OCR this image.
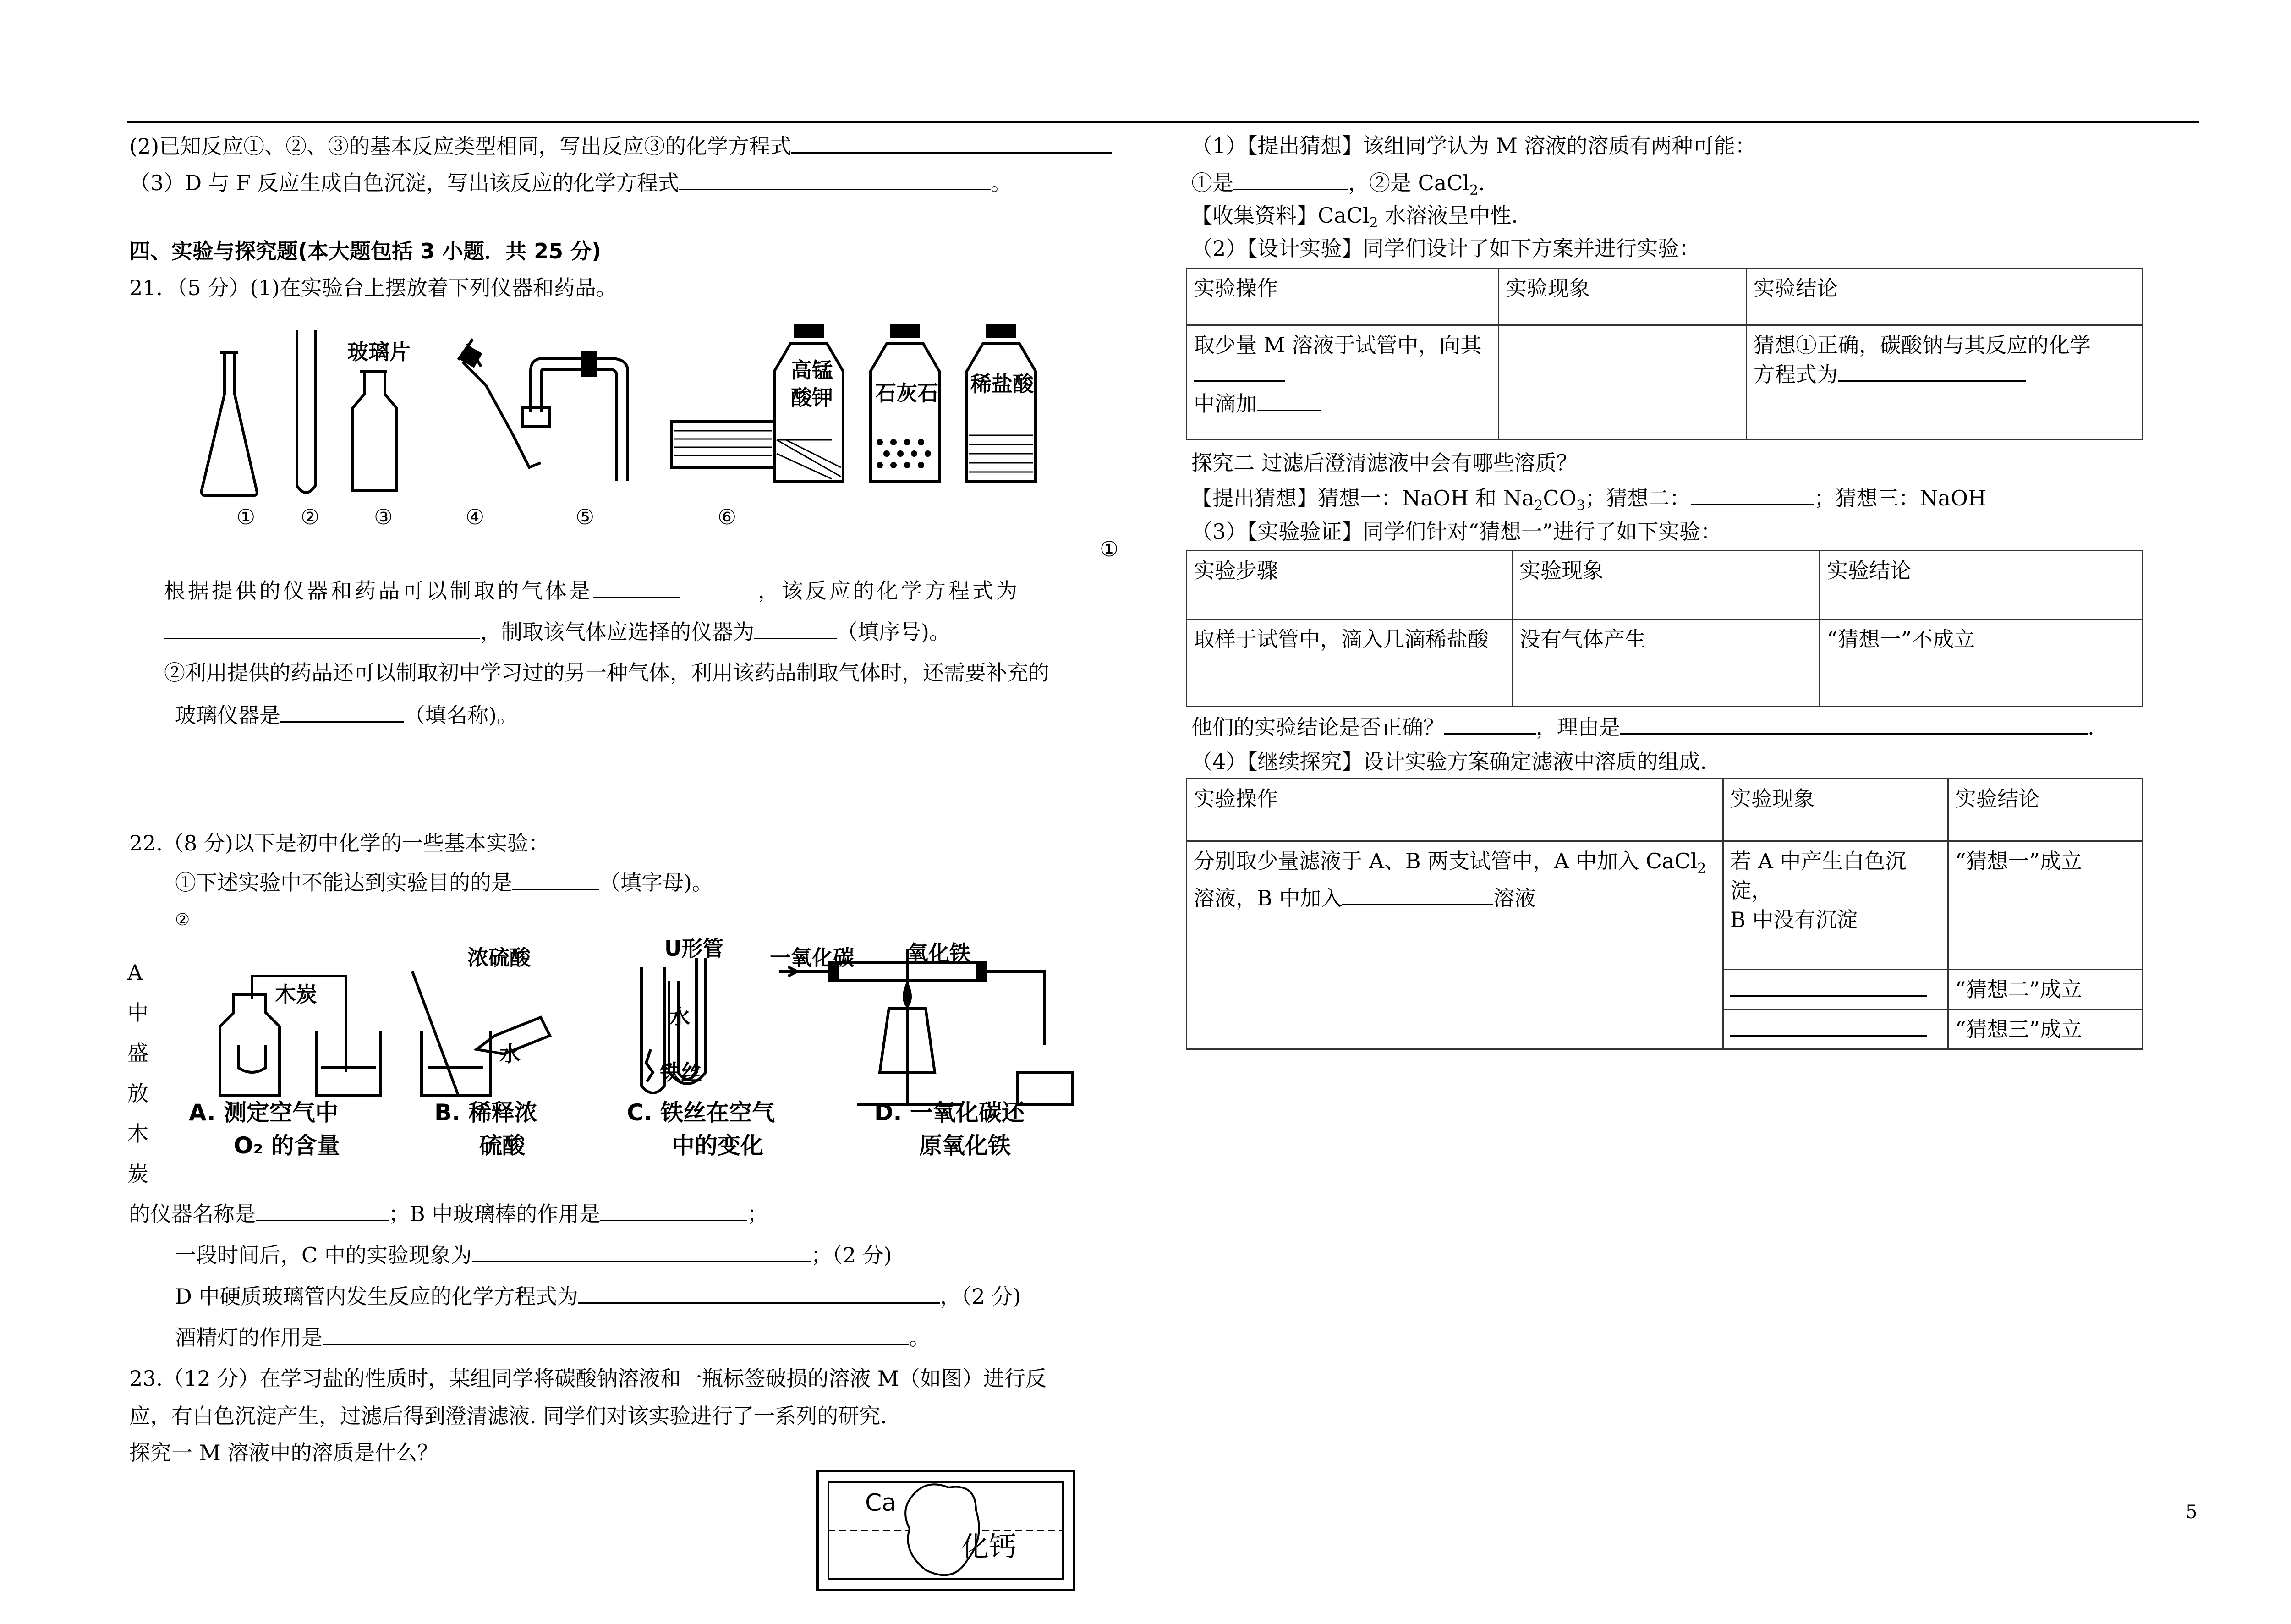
(2)已知反应①、②、③的基本反应类型相同，写出反应③的化学方程式
（3）D 与 F 反应生成白色沉淀，写出该反应的化学方程式	。
四、实验与探究题(本大题包括 3 小题．共 25 分)
21．（5 分）(1)在实验台上摆放着下列仪器和药品。
玻璃片
高锰
酸钾 石灰石 稀盐酸
① ②	③	④	⑤	⑥
①
根据提供的仪器和药品可以制取的气体是	，该反应的化学方程式为
，制取该气体应选择的仪器为	（填序号)。
②利用提供的药品还可以制取初中学习过的另一种气体，利用该药品制取气体时，还需要补充的
玻璃仪器是	（填名称)。
22.（8 分)以下是初中化学的一些基本实验：
①下述实验中不能达到实验目的的是	（填字母)。
②
A
中
盛
放
木
炭
木炭
浓硫酸
水
U形管
水
铁丝
一氧化碳	氧化铁
A. 测定空气中
O₂ 的含量
B. 稀释浓
硫酸
C. 铁丝在空气
中的变化
D. 一氧化碳还
原氧化铁
的仪器名称是	；B 中玻璃棒的作用是	；
一段时间后，C 中的实验现象为	；（2 分)
D 中硬质玻璃管内发生反应的化学方程式为	，（2 分)
酒精灯的作用是	。
23.（12 分）在学习盐的性质时，某组同学将碳酸钠溶液和一瓶标签破损的溶液 M（如图）进行反
应，有白色沉淀产生，过滤后得到澄清滤液. 同学们对该实验进行了一系列的研究.
探究一 M 溶液中的溶质是什么？
Ca
化钙
（1）【提出猜想】该组同学认为 M 溶液的溶质有两种可能：
①是	，②是 CaCl$_2$.
【收集资料】CaCl$_2$ 水溶液呈中性.
（2）【设计实验】同学们设计了如下方案并进行实验：
实验操作	实验现象	实验结论
取少量 M 溶液于试管中，向其
中滴加		猜想①正确，碳酸钠与其反应的化学
方程式为
探究二 过滤后澄清滤液中会有哪些溶质？
【提出猜想】猜想一：NaOH 和 $Na_2CO_3$；猜想二：	；猜想三：NaOH
（3）【实验验证】同学们针对“猜想一”进行了如下实验：
实验步骤	实验现象	实验结论
取样于试管中，滴入几滴稀盐酸	没有气体产生	“猜想一”不成立
他们的实验结论是否正确？	，理由是	.
（4）【继续探究】设计实验方案确定滤液中溶质的组成.
实验操作	实验现象	实验结论
分别取少量滤液于 A、B 两支试管中，A 中加入 CaCl$_2$
溶液，B 中加入 溶液	若 A 中产生白色沉淀，
B 中没有沉淀	“猜想一”成立
		“猜想二”成立
		“猜想三”成立
5
